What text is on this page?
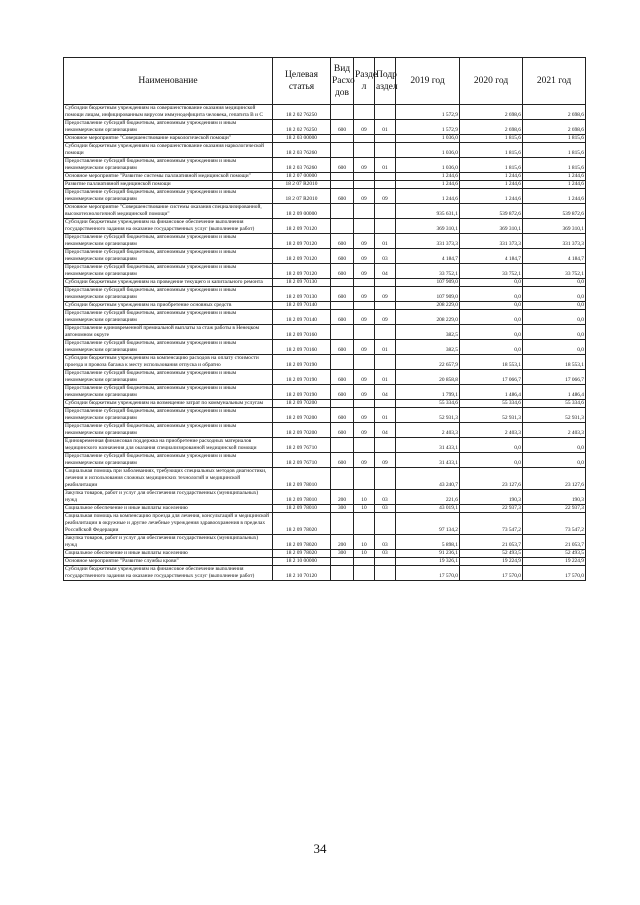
Наименование	Целевая статья	Вид Расхо дов	Разде л	Подр аздел	2019 год	2020 год	2021 год
Субсидии бюджетным учреждениям на совершенствование оказания медицинской помощи лицам, инфицированным вирусом иммунодефицита человека, гепатита В и С	18 2 02 76250				1 572,9	2 698,6	2 698,6
Предоставление субсидий бюджетным, автономным учреждениям и иным некоммерческим организациям	18 2 02 76250	600	09	01	1 572,9	2 698,6	2 698,6
Основное мероприятие "Совершенствование наркологической помощи"	18 2 03 00000				1 036,0	1 815,6	1 815,6
Субсидии бюджетным учреждениям на совершенствование оказания наркологической помощи	18 2 03 76260				1 036,0	1 815,6	1 815,6
Предоставление субсидий бюджетным, автономным учреждениям и иным некоммерческим организациям	18 2 03 76260	600	09	01	1 036,0	1 815,6	1 815,6
Основное мероприятие "Развитие системы паллиативной медицинской помощи"	18 2 07 00000				1 244,6	1 244,6	1 244,6
Развитие паллиативной медицинской помощи	18 2 07 R2010				1 244,6	1 244,6	1 244,6
Предоставление субсидий бюджетным, автономным учреждениям и иным некоммерческим организациям	18 2 07 R2010	600	09	09	1 244,6	1 244,6	1 244,6
Основное мероприятие "Совершенствование системы оказания специализированной, высокотехнологичной медицинской помощи"	18 2 09 00000				935 631,1	539 872,6	539 872,6
Субсидии бюджетным учреждениям на финансовое обеспечение выполнения государственного задания на оказание государственных услуг (выполнение работ)	18 2 09 70120				369 310,1	369 310,1	369 310,1
Предоставление субсидий бюджетным, автономным учреждениям и иным некоммерческим организациям	18 2 09 70120	600	09	01	331 373,3	331 373,3	331 373,3
Предоставление субсидий бюджетным, автономным учреждениям и иным некоммерческим организациям	18 2 09 70120	600	09	03	4 184,7	4 184,7	4 184,7
Предоставление субсидий бюджетным, автономным учреждениям и иным некоммерческим организациям	18 2 09 70120	600	09	04	33 752,1	33 752,1	33 752,1
Субсидии бюджетным учреждениям на проведение текущего и капитального ремонта	18 2 09 70130				107 909,0	0,0	0,0
Предоставление субсидий бюджетным, автономным учреждениям и иным некоммерческим организациям	18 2 09 70130	600	09	09	107 909,0	0,0	0,0
Субсидии бюджетным учреждениям на приобретение основных средств	18 2 09 70140				208 229,0	0,0	0,0
Предоставление субсидий бюджетным, автономным учреждениям и иным некоммерческим организациям	18 2 09 70140	600	09	09	208 229,0	0,0	0,0
Предоставление единовременной премиальной выплаты за стаж работы в Ненецком автономном округе	18 2 09 70160				382,5	0,0	0,0
Предоставление субсидий бюджетным, автономным учреждениям и иным некоммерческим организациям	18 2 09 70160	600	09	01	382,5	0,0	0,0
Субсидии бюджетным учреждениям на компенсацию расходов на оплату стоимости проезда и провоза багажа к месту использования отпуска и обратно	18 2 09 70190				22 657,9	18 553,1	18 553,1
Предоставление субсидий бюджетным, автономным учреждениям и иным некоммерческим организациям	18 2 09 70190	600	09	01	20 858,8	17 066,7	17 066,7
Предоставление субсидий бюджетным, автономным учреждениям и иным некоммерческим организациям	18 2 09 70190	600	09	04	1 799,1	1 486,4	1 486,4
Субсидии бюджетным учреждениям на возмещение затрат по коммунальным услугам	18 2 09 70200				55 334,6	55 334,6	55 334,6
Предоставление субсидий бюджетным, автономным учреждениям и иным некоммерческим организациям	18 2 09 70200	600	09	01	52 931,3	52 931,3	52 931,3
Предоставление субсидий бюджетным, автономным учреждениям и иным некоммерческим организациям	18 2 09 70200	600	09	04	2 403,3	2 403,3	2 403,3
Единовременная финансовая поддержка на приобретение расходных материалов медицинского назначения для оказания специализированной медицинской помощи	18 2 09 76710				31 433,1	0,0	0,0
Предоставление субсидий бюджетным, автономным учреждениям и иным некоммерческим организациям	18 2 09 76710	600	09	09	31 433,1	0,0	0,0
Социальная помощь при заболеваниях, требующих специальных методов диагностики, лечения и использования сложных медицинских технологий и медицинской реабилитации	18 2 09 78010				43 240,7	23 127,6	23 127,6
Закупка товаров, работ и услуг для обеспечения государственных (муниципальных) нужд	18 2 09 78010	200	10	03	221,6	190,3	190,3
Социальное обеспечение и иные выплаты населению	18 2 09 78010	300	10	03	43 019,1	22 937,3	22 937,3
Социальная помощь на компенсацию проезда для лечения, консультаций и медицинской реабилитации в окружные и другие лечебные учреждения здравоохранения в пределах Российской Федерации	18 2 09 78020				97 134,2	73 547,2	73 547,2
Закупка товаров, работ и услуг для обеспечения государственных (муниципальных) нужд	18 2 09 78020	200	10	03	5 898,1	21 053,7	21 053,7
Социальное обеспечение и иные выплаты населению	18 2 09 78020	300	10	03	91 236,1	52 493,5	52 493,5
Основное мероприятие "Развитие службы крови"	18 2 10 00000				19 326,1	19 224,9	19 224,9
Субсидии бюджетным учреждениям на финансовое обеспечение выполнения государственного задания на оказание государственных услуг (выполнение работ)	18 2 10 70120				17 570,0	17 570,0	17 570,0
34
